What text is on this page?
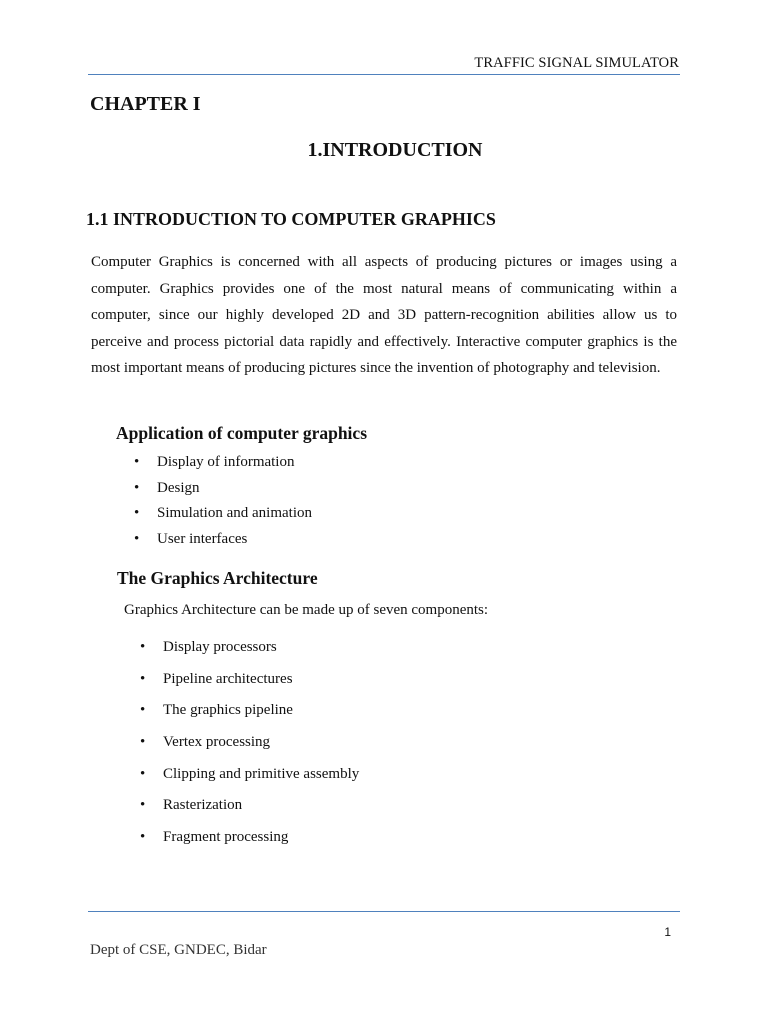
TRAFFIC SIGNAL SIMULATOR
CHAPTER I
1.INTRODUCTION
1.1 INTRODUCTION TO COMPUTER GRAPHICS

Computer Graphics is concerned with all aspects of producing pictures or images using a computer. Graphics provides one of the most natural means of communicating within a computer, since our highly developed 2D and 3D pattern-recognition abilities allow us to perceive and process pictorial data rapidly and effectively. Interactive computer graphics is the most important means of producing pictures since the invention of photography and television.

Application of computer graphics
• Display of information
• Design
• Simulation and animation
• User interfaces
The Graphics Architecture

Graphics Architecture can be made up of seven components:

• Display processors
• Pipeline architectures
• The graphics pipeline
• Vertex processing
• Clipping and primitive assembly
• Rasterization
• Fragment processing
1
Dept of CSE, GNDEC, Bidar
